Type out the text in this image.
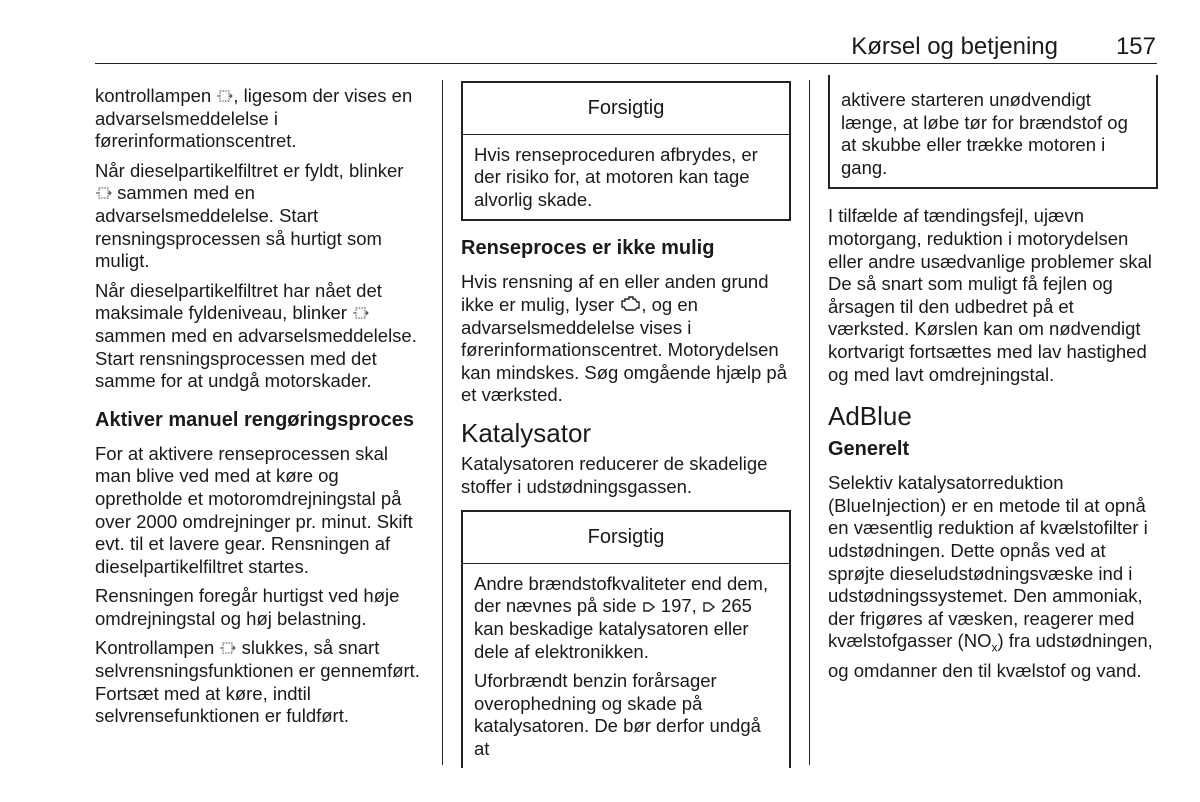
Kørsel og betjening 157

kontrollampen , ligesom der vises en advarselsmeddelelse i førerinformationscentret.

Når dieselpartikelfiltret er fyldt, blinker  sammen med en advarselsmeddelelse. Start rensningsprocessen så hurtigt som muligt.

Når dieselpartikelfiltret har nået det maksimale fyldeniveau, blinker  sammen med en advarselsmeddelelse. Start rensningsprocessen med det samme for at undgå motorskader.

Aktiver manuel rengøringsproces

For at aktivere renseprocessen skal man blive ved med at køre og opretholde et motoromdrejningstal på over 2000 omdrejninger pr. minut. Skift evt. til et lavere gear. Rensningen af dieselpartikelfiltret startes.

Rensningen foregår hurtigst ved høje omdrejningstal og høj belastning.

Kontrollampen  slukkes, så snart selvrensningsfunktionen er gennemført. Fortsæt med at køre, indtil selvrensefunktionen er fuldført.

Forsigtig

Hvis renseproceduren afbrydes, er der risiko for, at motoren kan tage alvorlig skade.

Renseproces er ikke mulig

Hvis rensning af en eller anden grund ikke er mulig, lyser , og en advarselsmeddelelse vises i førerinformationscentret. Motorydelsen kan mindskes. Søg omgående hjælp på et værksted.

Katalysator

Katalysatoren reducerer de skadelige stoffer i udstødningsgassen.

Forsigtig

Andre brændstofkvaliteter end dem, der nævnes på side  197,  265 kan beskadige katalysatoren eller dele af elektronikken.

Uforbrændt benzin forårsager overophedning og skade på katalysatoren. De bør derfor undgå at

aktivere starteren unødvendigt længe, at løbe tør for brændstof og at skubbe eller trække motoren i gang.

I tilfælde af tændingsfejl, ujævn motorgang, reduktion i motorydelsen eller andre usædvanlige problemer skal De så snart som muligt få fejlen og årsagen til den udbedret på et værksted. Kørslen kan om nødvendigt kortvarigt fortsættes med lav hastighed og med lavt omdrejningstal.

AdBlue
Generelt

Selektiv katalysatorreduktion (BlueInjection) er en metode til at opnå en væsentlig reduktion af kvælstofilter i udstødningen. Dette opnås ved at sprøjte dieseludstødningsvæske ind i udstødningssystemet. Den ammoniak, der frigøres af væsken, reagerer med kvælstofgasser $(NO_x)$ fra udstødningen, og omdanner den til kvælstof og vand.
